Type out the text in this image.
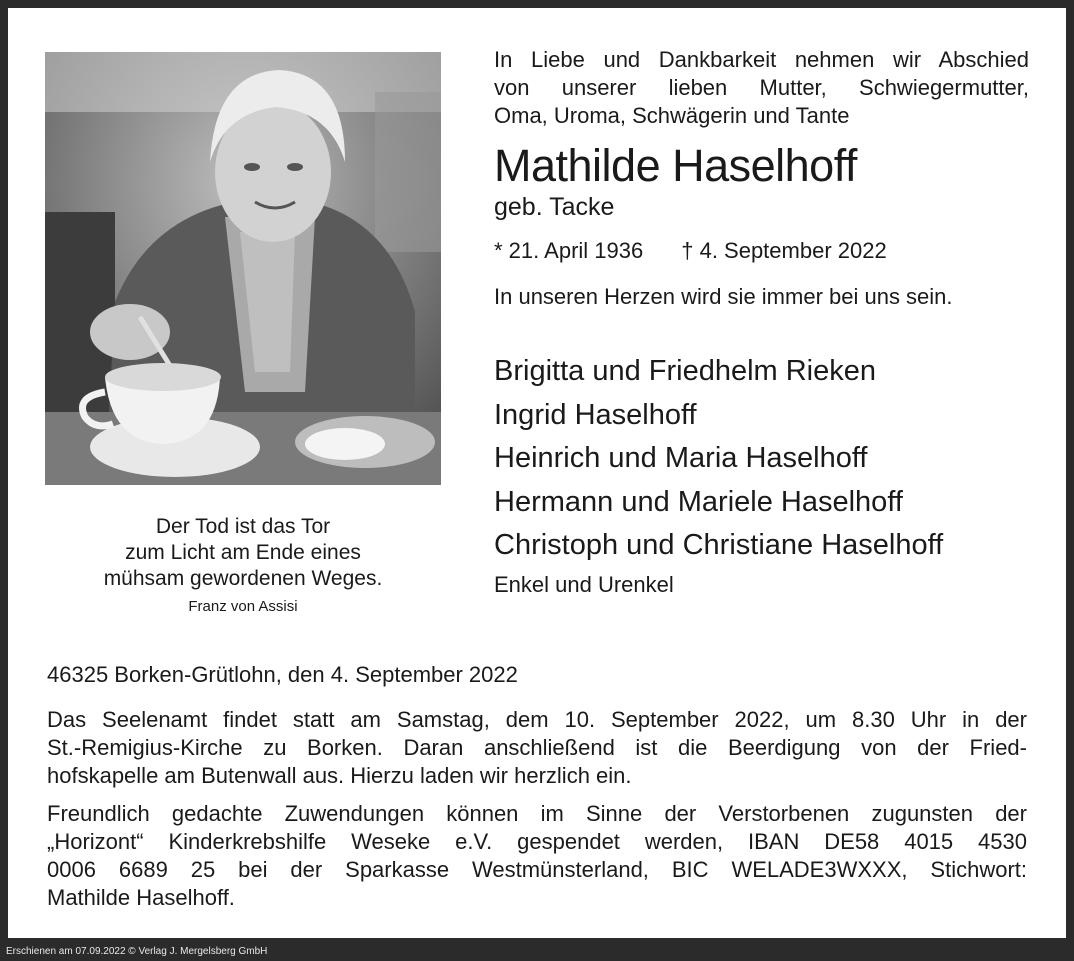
Der Tod ist das Tor
zum Licht am Ende eines
mühsam gewordenen Weges.
Franz von Assisi
In Liebe und Dankbarkeit nehmen wir Abschied
von unserer lieben Mutter, Schwiegermutter,
Oma, Uroma, Schwägerin und Tante
Mathilde Haselhoff
geb. Tacke
* 21. April 1936 † 4. September 2022
In unseren Herzen wird sie immer bei uns sein.
Brigitta und Friedhelm Rieken
Ingrid Haselhoff
Heinrich und Maria Haselhoff
Hermann und Mariele Haselhoff
Christoph und Christiane Haselhoff
Enkel und Urenkel
46325 Borken-Grütlohn, den 4. September 2022
Das Seelenamt findet statt am Samstag, dem 10. September 2022, um 8.30 Uhr in der
St.-Remigius-Kirche zu Borken. Daran anschließend ist die Beerdigung von der Fried-
hofskapelle am Butenwall aus. Hierzu laden wir herzlich ein.
Freundlich gedachte Zuwendungen können im Sinne der Verstorbenen zugunsten der
„Horizont“ Kinderkrebshilfe Weseke e.V. gespendet werden, IBAN DE58 4015 4530
0006 6689 25 bei der Sparkasse Westmünsterland, BIC WELADE3WXXX, Stichwort:
Mathilde Haselhoff.
Erschienen am 07.09.2022 © Verlag J. Mergelsberg GmbH
